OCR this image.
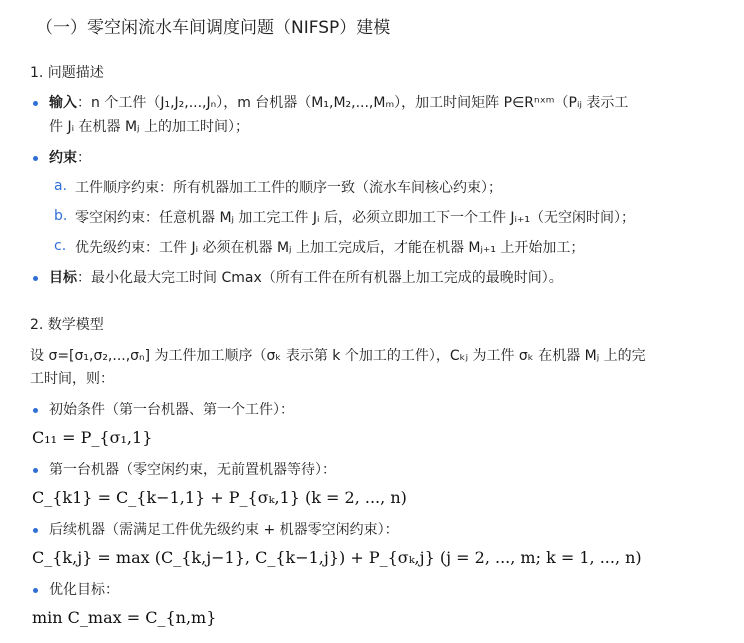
（一）零空闲流水车间调度问题（NIFSP）建模
1. 问题描述
输入：n 个工件（J₁,J₂,...,Jₙ），m 台机器（M₁,M₂,...,Mₘ），加工时间矩阵 P∈Rⁿˣᵐ（Pᵢⱼ 表示工
件 Jᵢ 在机器 Mⱼ 上的加工时间）；
约束：
a. 工件顺序约束：所有机器加工工件的顺序一致（流水车间核心约束）；
b. 零空闲约束：任意机器 Mⱼ 加工完工件 Jᵢ 后，必须立即加工下一个工件 Jᵢ₊₁（无空闲时间）；
c. 优先级约束：工件 Jᵢ 必须在机器 Mⱼ 上加工完成后，才能在机器 Mⱼ₊₁ 上开始加工；
目标：最小化最大完工时间 Cmax（所有工件在所有机器上加工完成的最晚时间）。
2. 数学模型
设 σ=[σ₁,σ₂,...,σₙ] 为工件加工顺序（σₖ 表示第 k 个加工的工件），Cₖⱼ 为工件 σₖ 在机器 Mⱼ 上的完
工时间，则：
初始条件（第一台机器、第一个工件）：
C₁₁ = P_{σ₁,1}
第一台机器（零空闲约束，无前置机器等待）：
C_{k1} = C_{k−1,1} + P_{σₖ,1} (k = 2, ..., n)
后续机器（需满足工件优先级约束 + 机器零空闲约束）：
C_{k,j} = max (C_{k,j−1}, C_{k−1,j}) + P_{σₖ,j} (j = 2, ..., m; k = 1, ..., n)
优化目标：
min C_max = C_{n,m}
